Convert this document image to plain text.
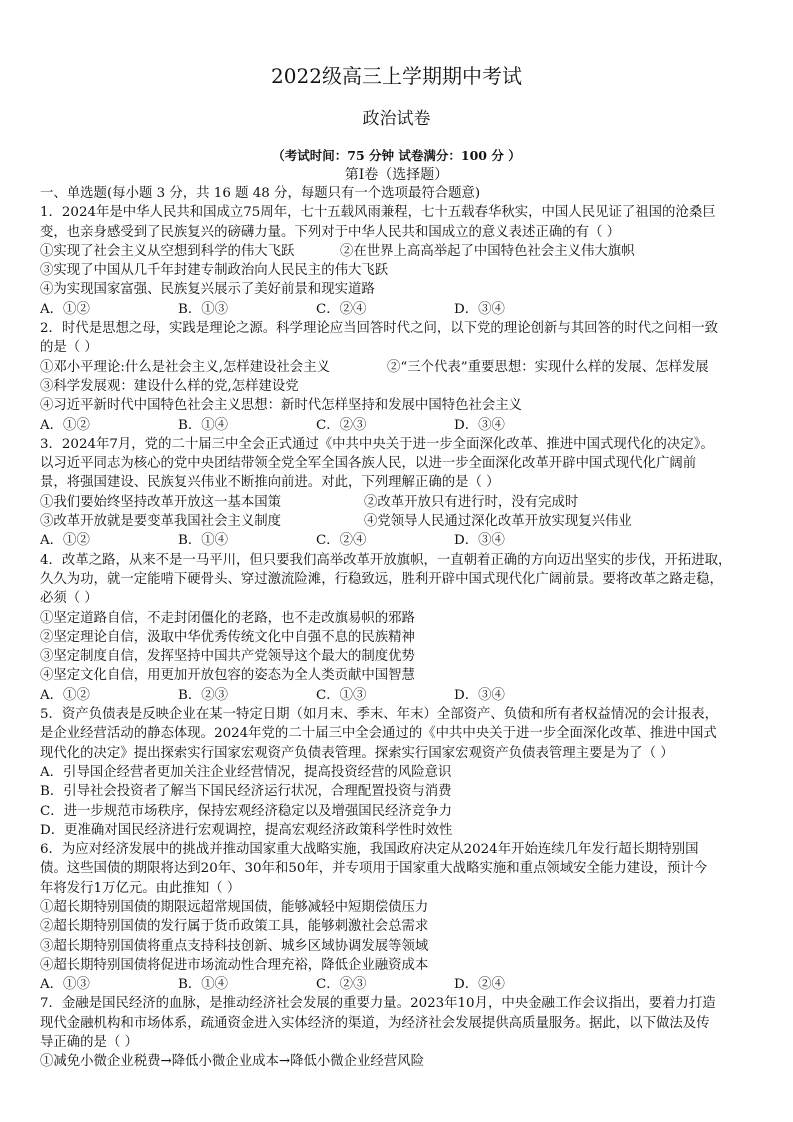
2022级高三上学期期中考试
政治试卷
（考试时间：75 分钟 试卷满分：100 分 ）
第Ⅰ卷（选择题）
一、单选题(每小题 3 分，共 16 题 48 分，每题只有一个选项最符合题意)
1．2024年是中华人民共和国成立75周年，七十五载风雨兼程，七十五载春华秋实，中国人民见证了祖国的沧桑巨
变，也亲身感受到了民族复兴的磅礴力量。下列对于中华人民共和国成立的意义表述正确的有（ ）
①实现了社会主义从空想到科学的伟大飞跃	②在世界上高高举起了中国特色社会主义伟大旗帜
③实现了中国从几千年封建专制政治向人民民主的伟大飞跃
④为实现国家富强、民族复兴展示了美好前景和现实道路
A．①②	B．①③	C．②④	D．③④
2．时代是思想之母，实践是理论之源。科学理论应当回答时代之问，以下党的理论创新与其回答的时代之问相一致
的是（ ）
①邓小平理论:什么是社会主义,怎样建设社会主义	②“三个代表”重要思想：实现什么样的发展、怎样发展
③科学发展观：建设什么样的党,怎样建设党
④习近平新时代中国特色社会主义思想：新时代怎样坚持和发展中国特色社会主义
A．①②	B．①④	C．②③	D．③④
3．2024年7月，党的二十届三中全会正式通过《中共中央关于进一步全面深化改革、推进中国式现代化的决定》。
以习近平同志为核心的党中央团结带领全党全军全国各族人民，以进一步全面深化改革开辟中国式现代化广阔前
景，将强国建设、民族复兴伟业不断推向前进。对此，下列理解正确的是（ ）
①我们要始终坚持改革开放这一基本国策	②改革开放只有进行时，没有完成时
③改革开放就是要变革我国社会主义制度	④党领导人民通过深化改革开放实现复兴伟业
A．①②	B．①④	C．②④	D．③④
4．改革之路，从来不是一马平川，但只要我们高举改革开放旗帜，一直朝着正确的方向迈出坚实的步伐，开拓进取，
久久为功，就一定能啃下硬骨头、穿过激流险滩，行稳致远，胜利开辟中国式现代化广阔前景。要将改革之路走稳，
必须（ ）
①坚定道路自信，不走封闭僵化的老路，也不走改旗易帜的邪路
②坚定理论自信，汲取中华优秀传统文化中自强不息的民族精神
③坚定制度自信，发挥坚持中国共产党领导这个最大的制度优势
④坚定文化自信，用更加开放包容的姿态为全人类贡献中国智慧
A．①②	B．②③	C．①③	D．③④
5．资产负债表是反映企业在某一特定日期（如月末、季末、年末）全部资产、负债和所有者权益情况的会计报表，
是企业经营活动的静态体现。2024年党的二十届三中全会通过的《中共中央关于进一步全面深化改革、推进中国式
现代化的决定》提出探索实行国家宏观资产负债表管理。探索实行国家宏观资产负债表管理主要是为了（ ）
A．引导国企经营者更加关注企业经营情况，提高投资经营的风险意识
B．引导社会投资者了解当下国民经济运行状况，合理配置投资与消费
C．进一步规范市场秩序，保持宏观经济稳定以及增强国民经济竞争力
D．更准确对国民经济进行宏观调控，提高宏观经济政策科学性时效性
6．为应对经济发展中的挑战并推动国家重大战略实施，我国政府决定从2024年开始连续几年发行超长期特别国
债。这些国债的期限将达到20年、30年和50年，并专项用于国家重大战略实施和重点领域安全能力建设，预计今
年将发行1万亿元。由此推知（ ）
①超长期特别国债的期限远超常规国债，能够减轻中短期偿债压力
②超长期特别国债的发行属于货币政策工具，能够刺激社会总需求
③超长期特别国债将重点支持科技创新、城乡区域协调发展等领域
④超长期特别国债将促进市场流动性合理充裕，降低企业融资成本
A．①③	B．①④	C．②③	D．②④
7．金融是国民经济的血脉，是推动经济社会发展的重要力量。2023年10月，中央金融工作会议指出，要着力打造
现代金融机构和市场体系，疏通资金进入实体经济的渠道，为经济社会发展提供高质量服务。据此，以下做法及传
导正确的是（ ）
①减免小微企业税费→降低小微企业成本→降低小微企业经营风险
